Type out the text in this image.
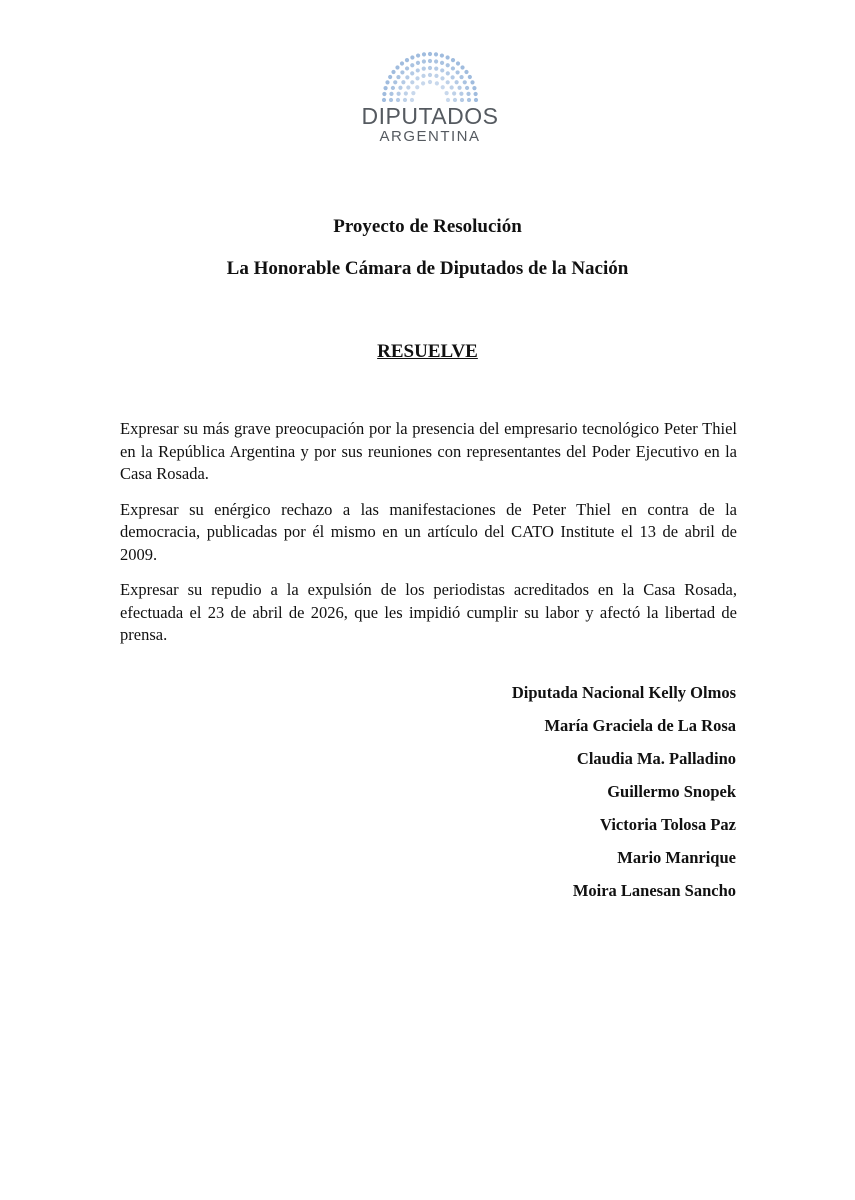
DIPUTADOS
ARGENTINA
Proyecto de Resolución
La Honorable Cámara de Diputados de la Nación
RESUELVE

Expresar su más grave preocupación por la presencia del empresario tecnológico Peter Thiel en la República Argentina y por sus reuniones con representantes del Poder Ejecutivo en la Casa Rosada.

Expresar su enérgico rechazo a las manifestaciones de Peter Thiel en contra de la democracia, publicadas por él mismo en un artículo del CATO Institute el 13 de abril de 2009.

Expresar su repudio a la expulsión de los periodistas acreditados en la Casa Rosada, efectuada el 23 de abril de 2026, que les impidió cumplir su labor y afectó la libertad de prensa.

Diputada Nacional Kelly Olmos
María Graciela de La Rosa
Claudia Ma. Palladino
Guillermo Snopek
Victoria Tolosa Paz
Mario Manrique
Moira Lanesan Sancho
